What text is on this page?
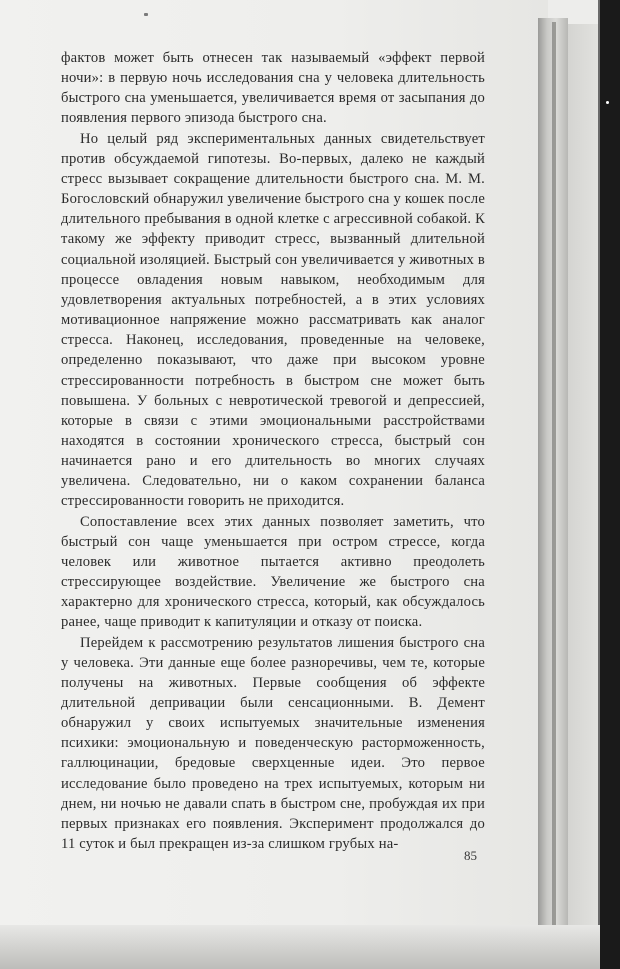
фактов может быть отнесен так называемый «эффект первой ночи»: в первую ночь исследования сна у человека длительность быстрого сна уменьшается, увеличивается время от засыпания до появления первого эпизода быстрого сна.

Но целый ряд экспериментальных данных свидетельствует против обсуждаемой гипотезы. Во-первых, далеко не каждый стресс вызывает сокращение длительности быстрого сна. М. М. Богословский обнаружил увеличение быстрого сна у кошек после длительного пребывания в одной клетке с агрессивной собакой. К такому же эффекту приводит стресс, вызванный длительной социальной изоляцией. Быстрый сон увеличивается у животных в процессе овладения новым навыком, необходимым для удовлетворения актуальных потребностей, а в этих условиях мотивационное напряжение можно рассматривать как аналог стресса. Наконец, исследования, проведенные на человеке, определенно показывают, что даже при высоком уровне стрессированности потребность в быстром сне может быть повышена. У больных с невротической тревогой и депрессией, которые в связи с этими эмоциональными расстройствами находятся в состоянии хронического стресса, быстрый сон начинается рано и его длительность во многих случаях увеличена. Следовательно, ни о каком сохранении баланса стрессированности говорить не приходится.

Сопоставление всех этих данных позволяет заметить, что быстрый сон чаще уменьшается при остром стрессе, когда человек или животное пытается активно преодолеть стрессирующее воздействие. Увеличение же быстрого сна характерно для хронического стресса, который, как обсуждалось ранее, чаще приводит к капитуляции и отказу от поиска.

Перейдем к рассмотрению результатов лишения быстрого сна у человека. Эти данные еще более разноречивы, чем те, которые получены на животных. Первые сообщения об эффекте длительной депривации были сенсационными. В. Демент обнаружил у своих испытуемых значительные изменения психики: эмоциональную и поведенческую расторможенность, галлюцинации, бредовые сверхценные идеи. Это первое исследование было проведено на трех испытуемых, которым ни днем, ни ночью не давали спать в быстром сне, пробуждая их при первых признаках его появления. Эксперимент продолжался до 11 суток и был прекращен из-за слишком грубых на-

85
